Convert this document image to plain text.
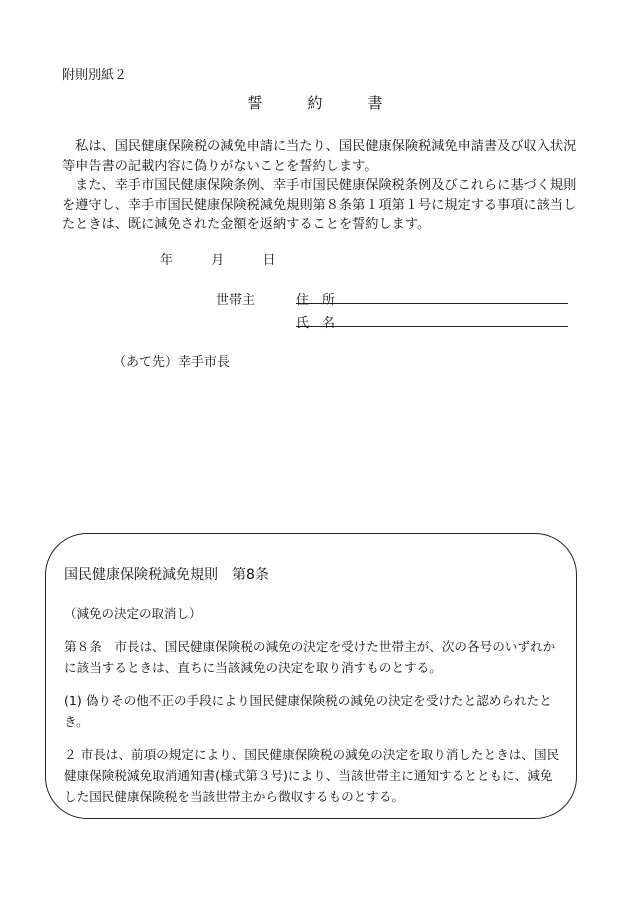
附則別紙２
誓　　　約　　　書
　私は、国民健康保険税の減免申請に当たり、国民健康保険税減免申請書及び収入状況等申告書の記載内容に偽りがないことを誓約します。
　また、幸手市国民健康保険条例、幸手市国民健康保険税条例及びこれらに基づく規則を遵守し、幸手市国民健康保険税減免規則第８条第１項第１号に規定する事項に該当したときは、既に減免された金額を返納することを誓約します。
年	月	日
世帯主	住　所
氏　名
（あて先）幸手市長
国民健康保険税減免規則　第8条
（減免の決定の取消し）
第８条　市長は、国民健康保険税の減免の決定を受けた世帯主が、次の各号のいずれかに該当するときは、直ちに当該減免の決定を取り消すものとする。
(1) 偽りその他不正の手段により国民健康保険税の減免の決定を受けたと認められたとき。
２ 市長は、前項の規定により、国民健康保険税の減免の決定を取り消したときは、国民健康保険税減免取消通知書(様式第３号)により、当該世帯主に通知するとともに、減免した国民健康保険税を当該世帯主から徴収するものとする。
